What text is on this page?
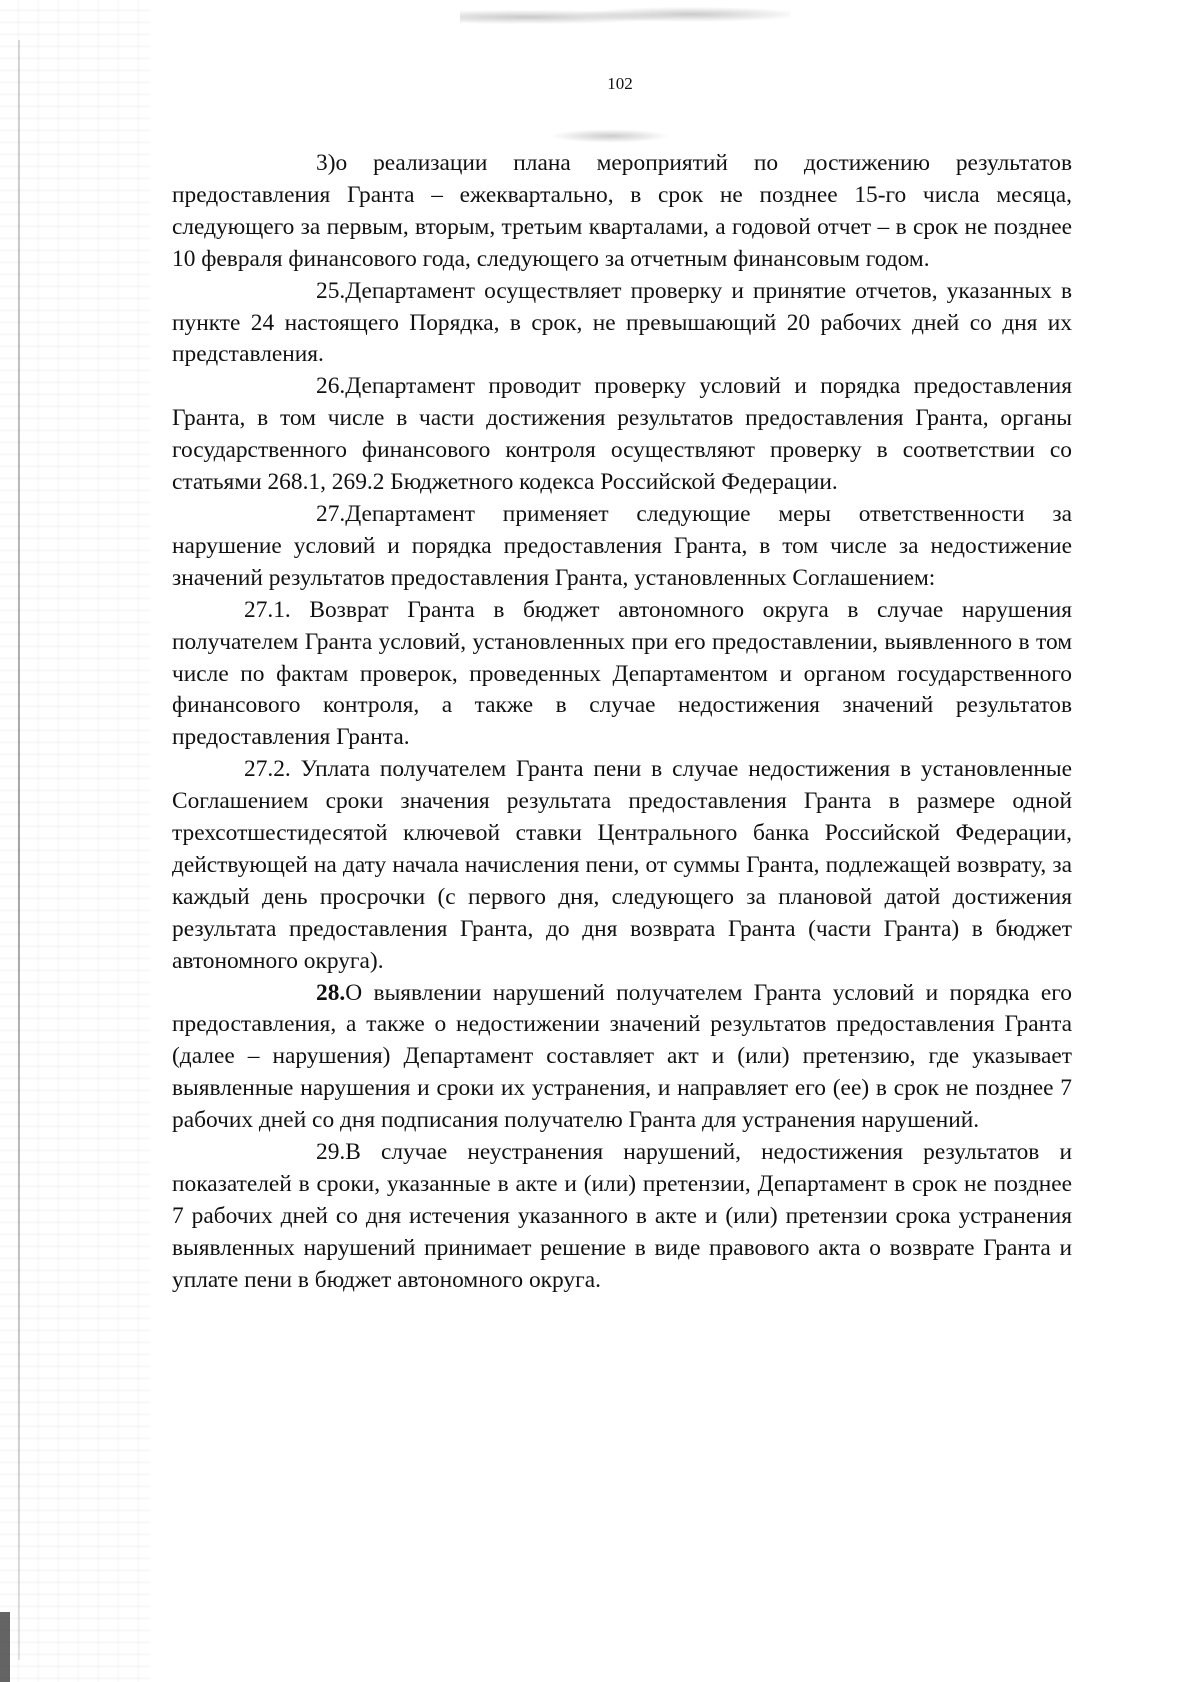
102

3)о реализации плана мероприятий по достижению результатов предоставления Гранта – ежеквартально, в срок не позднее 15-го числа месяца, следующего за первым, вторым, третьим кварталами, а годовой отчет – в срок не позднее 10 февраля финансового года, следующего за отчетным финансовым годом.

25.Департамент осуществляет проверку и принятие отчетов, указанных в пункте 24 настоящего Порядка, в срок, не превышающий 20 рабочих дней со дня их представления.

26.Департамент проводит проверку условий и порядка предоставления Гранта, в том числе в части достижения результатов предоставления Гранта, органы государственного финансового контроля осуществляют проверку в соответствии со статьями 268.1, 269.2 Бюджетного кодекса Российской Федерации.

27.Департамент применяет следующие меры ответственности за нарушение условий и порядка предоставления Гранта, в том числе за недостижение значений результатов предоставления Гранта, установленных Соглашением:

27.1. Возврат Гранта в бюджет автономного округа в случае нарушения получателем Гранта условий, установленных при его предоставлении, выявленного в том числе по фактам проверок, проведенных Департаментом и органом государственного финансового контроля, а также в случае недостижения значений результатов предоставления Гранта.

27.2. Уплата получателем Гранта пени в случае недостижения в установленные Соглашением сроки значения результата предоставления Гранта в размере одной трехсотшестидесятой ключевой ставки Центрального банка Российской Федерации, действующей на дату начала начисления пени, от суммы Гранта, подлежащей возврату, за каждый день просрочки (с первого дня, следующего за плановой датой достижения результата предоставления Гранта, до дня возврата Гранта (части Гранта) в бюджет автономного округа).

28.О выявлении нарушений получателем Гранта условий и порядка его предоставления, а также о недостижении значений результатов предоставления Гранта (далее – нарушения) Департамент составляет акт и (или) претензию, где указывает выявленные нарушения и сроки их устранения, и направляет его (ее) в срок не позднее 7 рабочих дней со дня подписания получателю Гранта для устранения нарушений.

29.В случае неустранения нарушений, недостижения результатов и показателей в сроки, указанные в акте и (или) претензии, Департамент в срок не позднее 7 рабочих дней со дня истечения указанного в акте и (или) претензии срока устранения выявленных нарушений принимает решение в виде правового акта о возврате Гранта и уплате пени в бюджет автономного округа.
